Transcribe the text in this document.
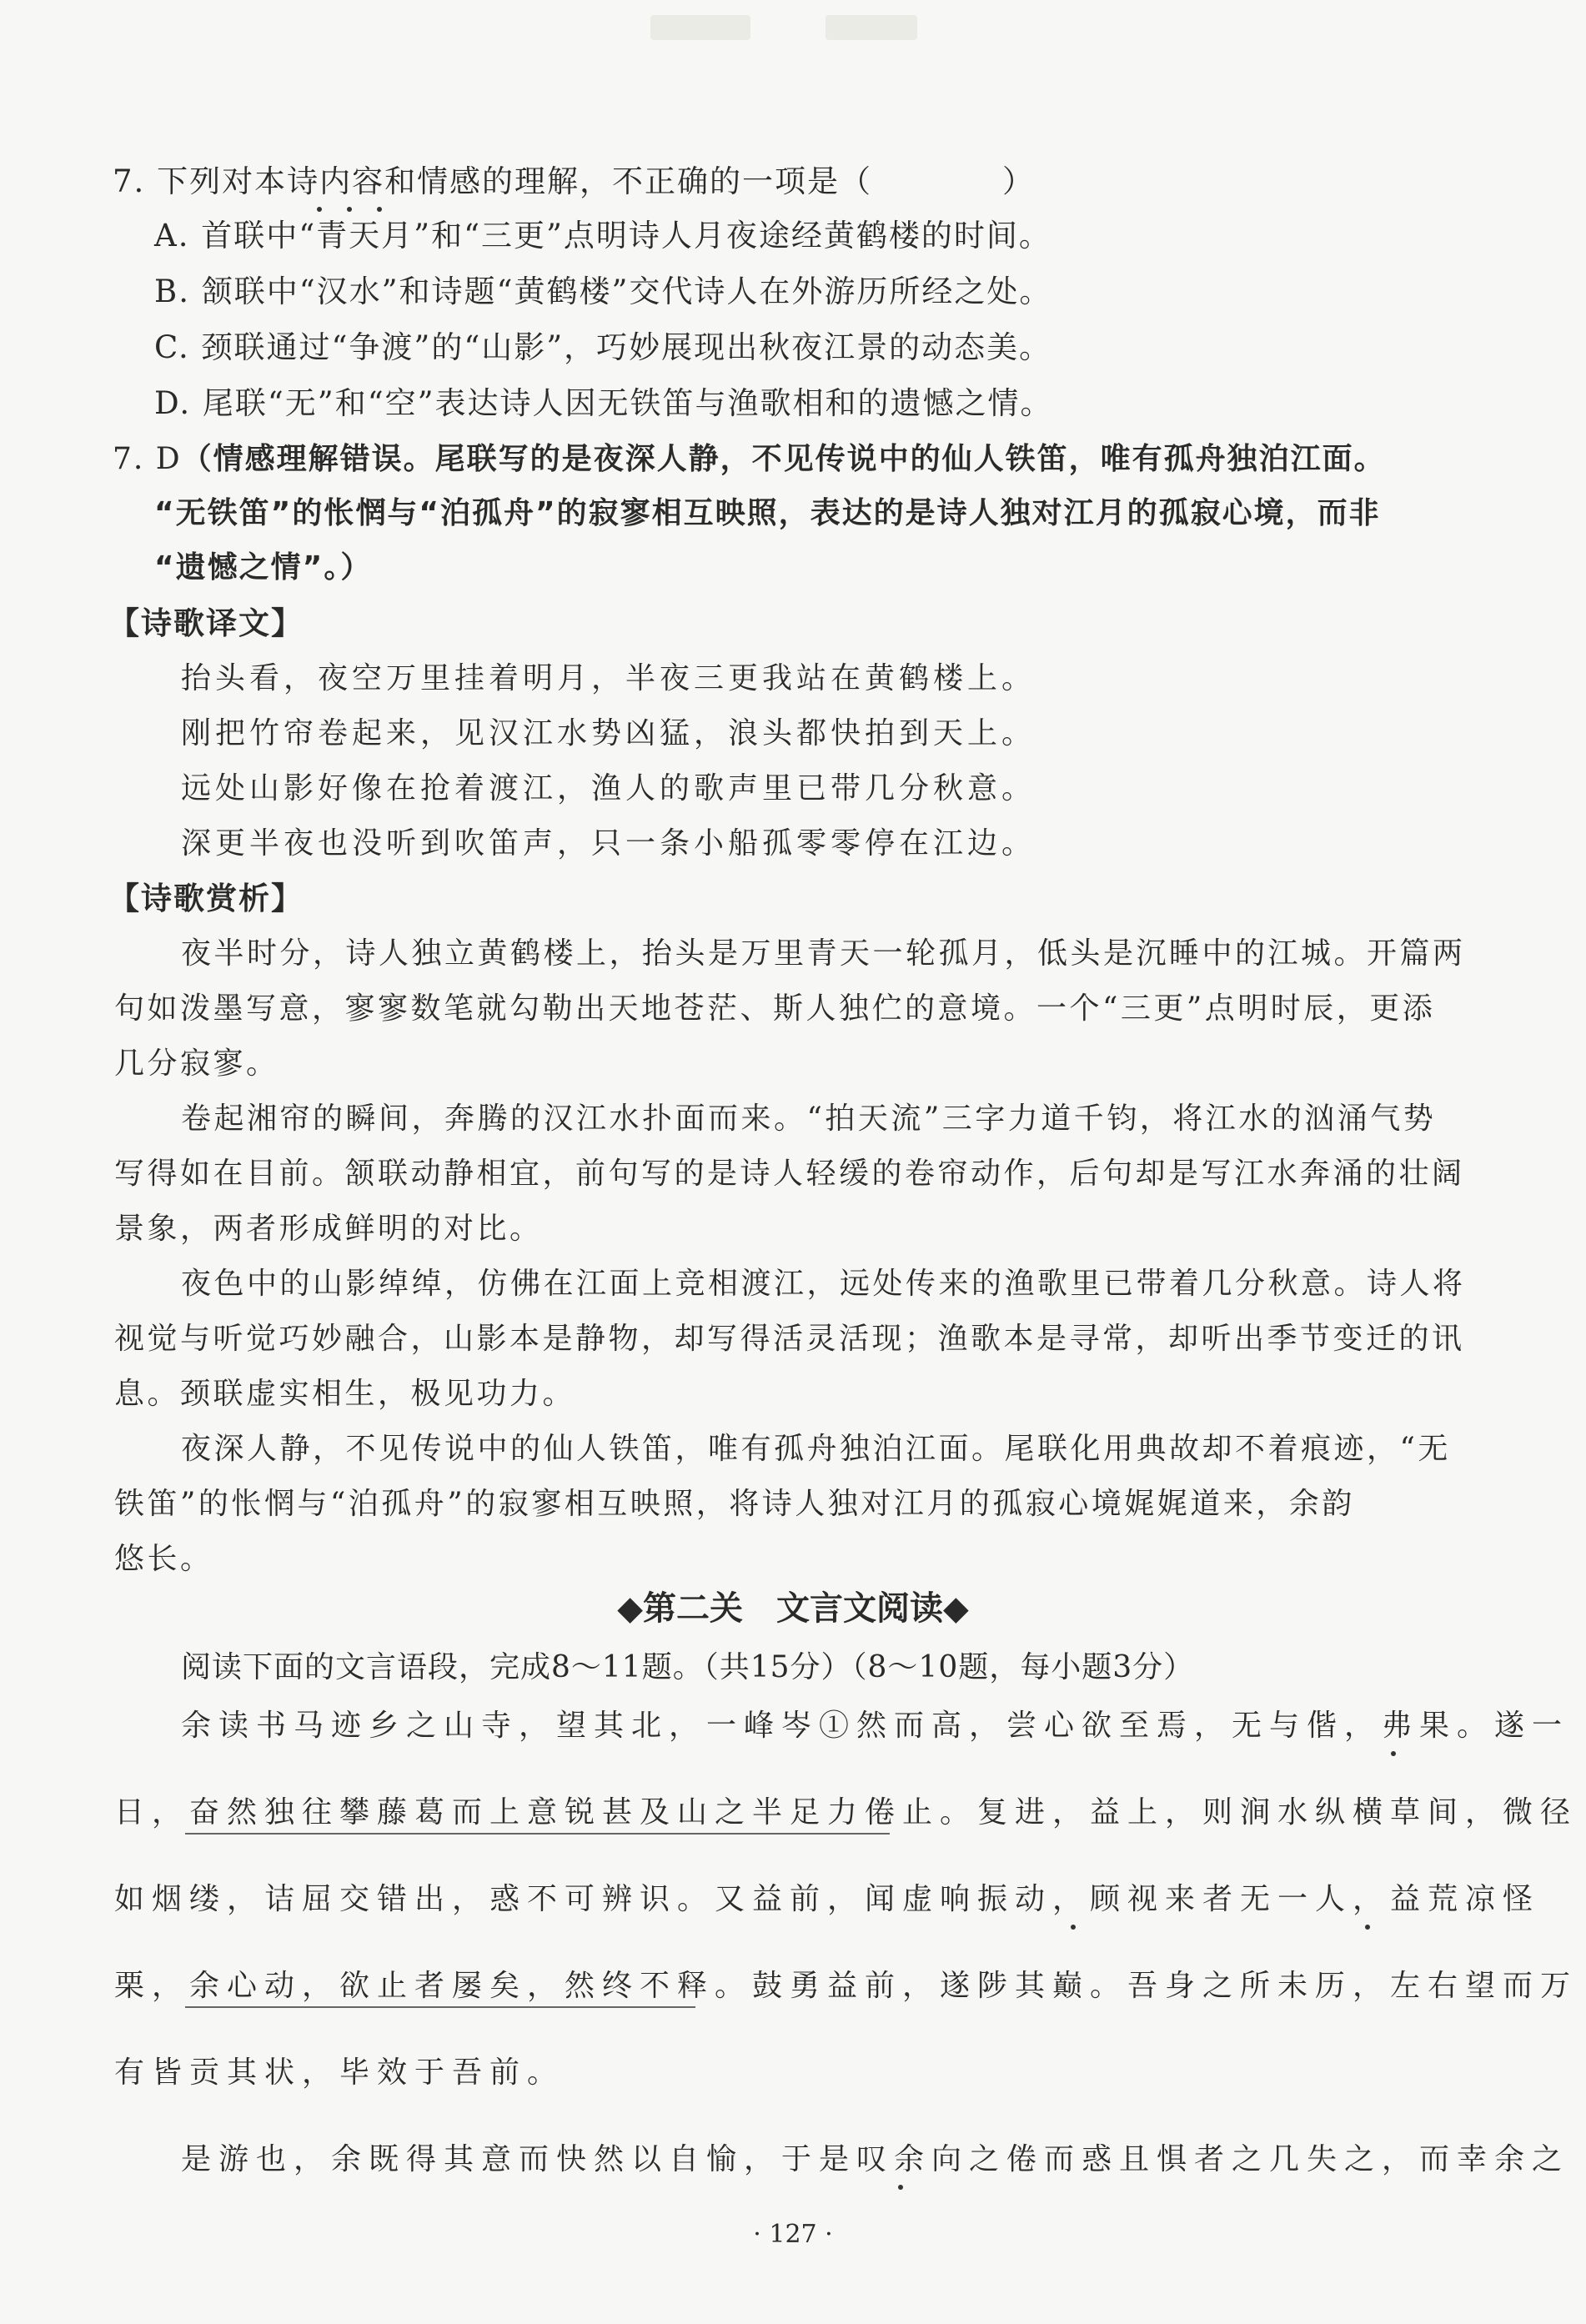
7. 下列对本诗内容和情感的理解，不正确的一项是（　　　　）
A. 首联中“青天月”和“三更”点明诗人月夜途经黄鹤楼的时间。
B. 颔联中“汉水”和诗题“黄鹤楼”交代诗人在外游历所经之处。
C. 颈联通过“争渡”的“山影”，巧妙展现出秋夜江景的动态美。
D. 尾联“无”和“空”表达诗人因无铁笛与渔歌相和的遗憾之情。
7. D（情感理解错误。尾联写的是夜深人静，不见传说中的仙人铁笛，唯有孤舟独泊江面。
“无铁笛”的怅惘与“泊孤舟”的寂寥相互映照，表达的是诗人独对江月的孤寂心境，而非
“遗憾之情”。）
【诗歌译文】
抬头看，夜空万里挂着明月，半夜三更我站在黄鹤楼上。
刚把竹帘卷起来，见汉江水势凶猛，浪头都快拍到天上。
远处山影好像在抢着渡江，渔人的歌声里已带几分秋意。
深更半夜也没听到吹笛声，只一条小船孤零零停在江边。
【诗歌赏析】
夜半时分，诗人独立黄鹤楼上，抬头是万里青天一轮孤月，低头是沉睡中的江城。开篇两
句如泼墨写意，寥寥数笔就勾勒出天地苍茫、斯人独伫的意境。一个“三更”点明时辰，更添
几分寂寥。
卷起湘帘的瞬间，奔腾的汉江水扑面而来。“拍天流”三字力道千钧，将江水的汹涌气势
写得如在目前。颔联动静相宜，前句写的是诗人轻缓的卷帘动作，后句却是写江水奔涌的壮阔
景象，两者形成鲜明的对比。
夜色中的山影绰绰，仿佛在江面上竞相渡江，远处传来的渔歌里已带着几分秋意。诗人将
视觉与听觉巧妙融合，山影本是静物，却写得活灵活现；渔歌本是寻常，却听出季节变迁的讯
息。颈联虚实相生，极见功力。
夜深人静，不见传说中的仙人铁笛，唯有孤舟独泊江面。尾联化用典故却不着痕迹，“无
铁笛”的怅惘与“泊孤舟”的寂寥相互映照，将诗人独对江月的孤寂心境娓娓道来，余韵
悠长。
◆第二关　文言文阅读◆
阅读下面的文言语段，完成8～11题。（共15分）（8～10题，每小题3分）
余读书马迹乡之山寺，望其北，一峰岑①然而高，尝心欲至焉，无与偕，弗果。遂一
日，奋然独往攀藤葛而上意锐甚及山之半足力倦止。复进，益上，则涧水纵横草间，微径
如烟缕，诘屈交错出，惑不可辨识。又益前，闻虚响振动，顾视来者无一人，益荒凉怪
栗，余心动，欲止者屡矣，然终不释。鼓勇益前，遂陟其巅。吾身之所未历，左右望而万
有皆贡其状，毕效于吾前。
是游也，余既得其意而快然以自愉，于是叹余向之倦而惑且惧者之几失之，而幸余之
· 127 ·
